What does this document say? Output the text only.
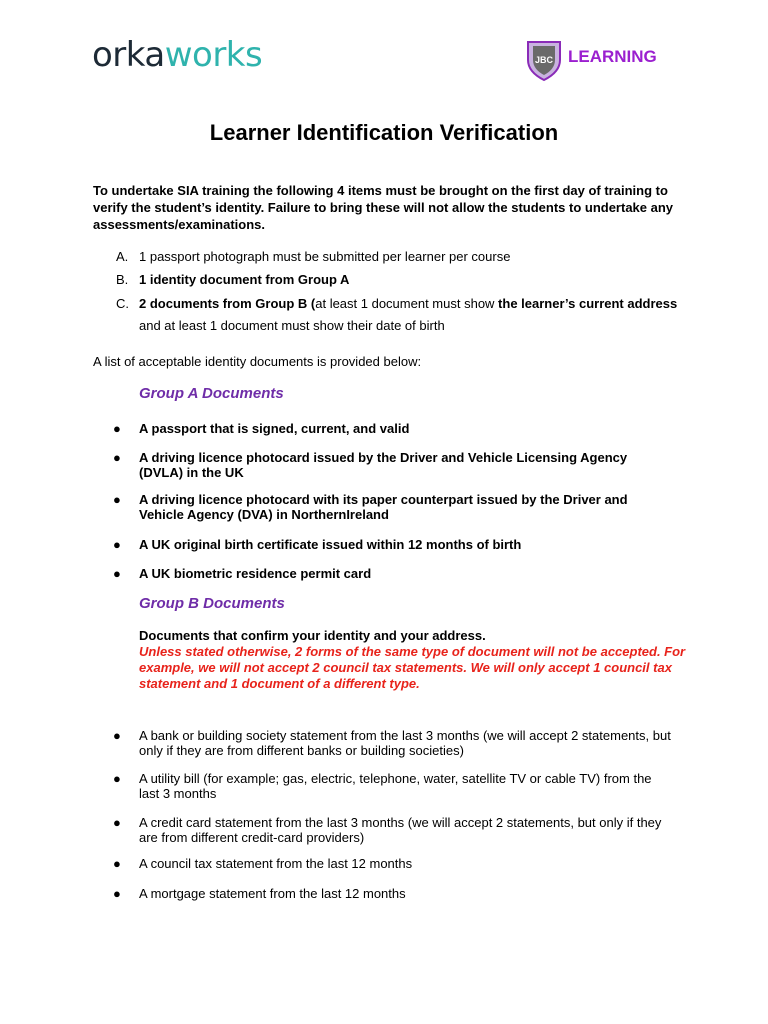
orkaworks	JBC LEARNING
Learner Identification Verification
To undertake SIA training the following 4 items must be brought on the first day of training to verify the student’s identity. Failure to bring these will not allow the students to undertake any assessments/examinations.
A. 1 passport photograph must be submitted per learner per course
B. 1 identity document from Group A
C. 2 documents from Group B (at least 1 document must show the learner’s current address
and at least 1 document must show their date of birth
A list of acceptable identity documents is provided below:
Group A Documents
● A passport that is signed, current, and valid
● A driving licence photocard issued by the Driver and Vehicle Licensing Agency (DVLA) in the UK
● A driving licence photocard with its paper counterpart issued by the Driver and Vehicle Agency (DVA) in NorthernIreland
● A UK original birth certificate issued within 12 months of birth
● A UK biometric residence permit card
Group B Documents
Documents that confirm your identity and your address.
Unless stated otherwise, 2 forms of the same type of document will not be accepted. For example, we will not accept 2 council tax statements. We will only accept 1 council tax statement and 1 document of a different type.
● A bank or building society statement from the last 3 months (we will accept 2 statements, but only if they are from different banks or building societies)
● A utility bill (for example; gas, electric, telephone, water, satellite TV or cable TV) from the last 3 months
● A credit card statement from the last 3 months (we will accept 2 statements, but only if they are from different credit-card providers)
● A council tax statement from the last 12 months
● A mortgage statement from the last 12 months
